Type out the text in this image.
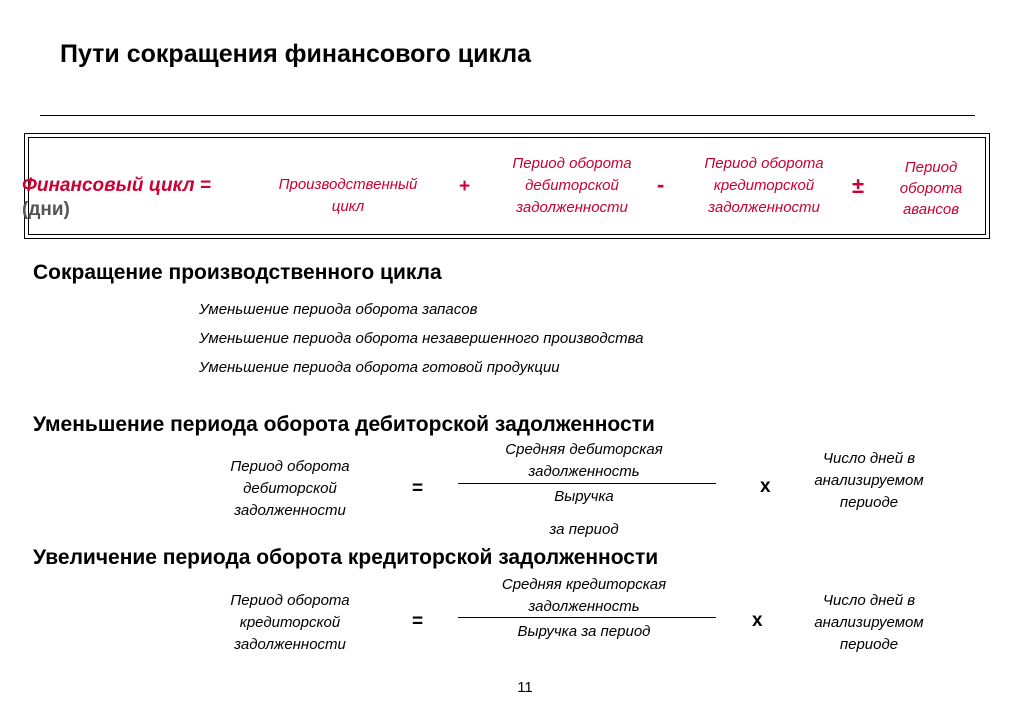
Пути сокращения финансового цикла
Финансовый цикл =
(дни)
Производственный
цикл
+
Период оборота
дебиторской
задолженности
-
Период оборота
кредиторской
задолженности
±
Период
оборота
авансов
Сокращение производственного цикла
Уменьшение периода оборота запасов
Уменьшение периода оборота незавершенного производства
Уменьшение периода оборота готовой продукции
Уменьшение периода оборота дебиторской задолженности
Период оборота
дебиторской
задолженности
=
Средняя дебиторская
задолженность
Выручка
за период
х
Число дней в
анализируемом
периоде
Увеличение периода оборота кредиторской задолженности
Период оборота
кредиторской
задолженности
=
Средняя кредиторская
задолженность
Выручка за период
х
Число дней в
анализируемом
периоде
11
